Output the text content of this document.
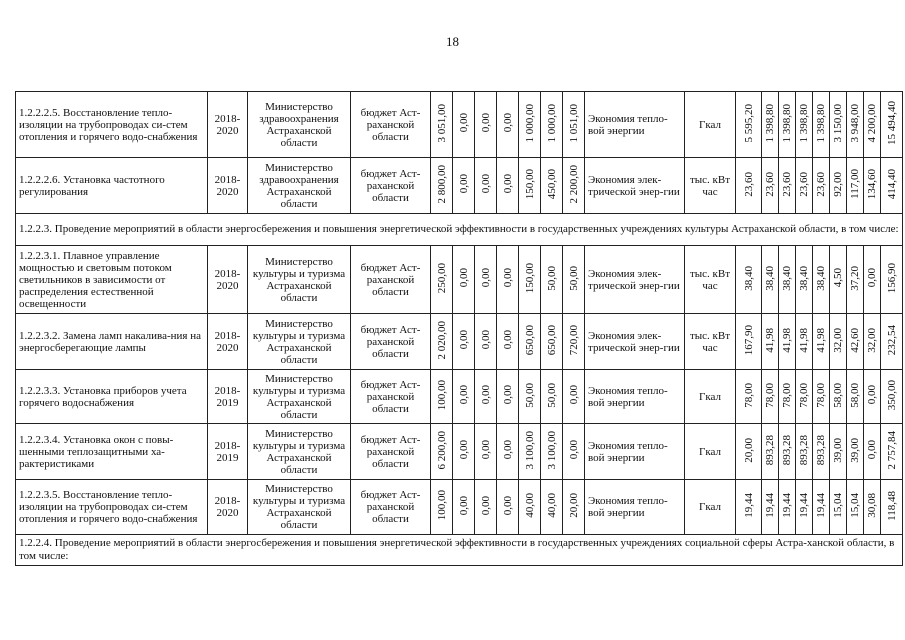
18
1.2.2.2.5. Восстановление тепло-изоляции на трубопроводах си-стем отопления и горячего водо-снабжения	2018-2020	Министерство здравоохранения Астраханской области	бюджет Аст-раханской области	3 051,00	0,00	0,00	0,00	1 000,00	1 000,00	1 051,00	Экономия тепло-вой энергии	Гкал	5 595,20	1 398,80	1 398,80	1 398,80	1 398,80	3 150,00	3 948,00	4 200,00	15 494,40
1.2.2.2.6. Установка частотного регулирования	2018-2020	Министерство здравоохранения Астраханской области	бюджет Аст-раханской области	2 800,00	0,00	0,00	0,00	150,00	450,00	2 200,00	Экономия элек-трической энер-гии	тыс. кВт час	23,60	23,60	23,60	23,60	23,60	92,00	117,00	134,60	414,40
1.2.2.3. Проведение мероприятий в области энергосбережения и повышения энергетической эффективности в государственных учреждениях культуры Астраханской области, в том числе:																					
1.2.2.3.1. Плавное управление мощностью и световым потоком светильников в зависимости от распределения естественной освещенности	2018-2020	Министерство культуры и туризма Астраханской области	бюджет Аст-раханской области	250,00	0,00	0,00	0,00	150,00	50,00	50,00	Экономия элек-трической энер-гии	тыс. кВт час	38,40	38,40	38,40	38,40	38,40	4,50	37,20	0,00	156,90
1.2.2.3.2. Замена ламп накалива-ния на энергосберегающие лампы	2018-2020	Министерство культуры и туризма Астраханской области	бюджет Аст-раханской области	2 020,00	0,00	0,00	0,00	650,00	650,00	720,00	Экономия элек-трической энер-гии	тыс. кВт час	167,90	41,98	41,98	41,98	41,98	32,00	42,60	32,00	232,54
1.2.2.3.3. Установка приборов учета горячего водоснабжения	2018-2019	Министерство культуры и туризма Астраханской области	бюджет Аст-раханской области	100,00	0,00	0,00	0,00	50,00	50,00	0,00	Экономия тепло-вой энергии	Гкал	78,00	78,00	78,00	78,00	78,00	58,00	58,00	0,00	350,00
1.2.2.3.4. Установка окон с повы-шенными теплозащитными ха-рактеристиками	2018-2019	Министерство культуры и туризма Астраханской области	бюджет Аст-раханской области	6 200,00	0,00	0,00	0,00	3 100,00	3 100,00	0,00	Экономия тепло-вой энергии	Гкал	20,00	893,28	893,28	893,28	893,28	39,00	39,00	0,00	2 757,84
1.2.2.3.5. Восстановление тепло-изоляции на трубопроводах си-стем отопления и горячего водо-снабжения	2018-2020	Министерство культуры и туризма Астраханской области	бюджет Аст-раханской области	100,00	0,00	0,00	0,00	40,00	40,00	20,00	Экономия тепло-вой энергии	Гкал	19,44	19,44	19,44	19,44	19,44	15,04	15,04	30,08	118,48
1.2.2.4. Проведение мероприятий в области энергосбережения и повышения энергетической эффективности в государственных учреждениях социальной сферы Астра-ханской области, в том числе:																					
